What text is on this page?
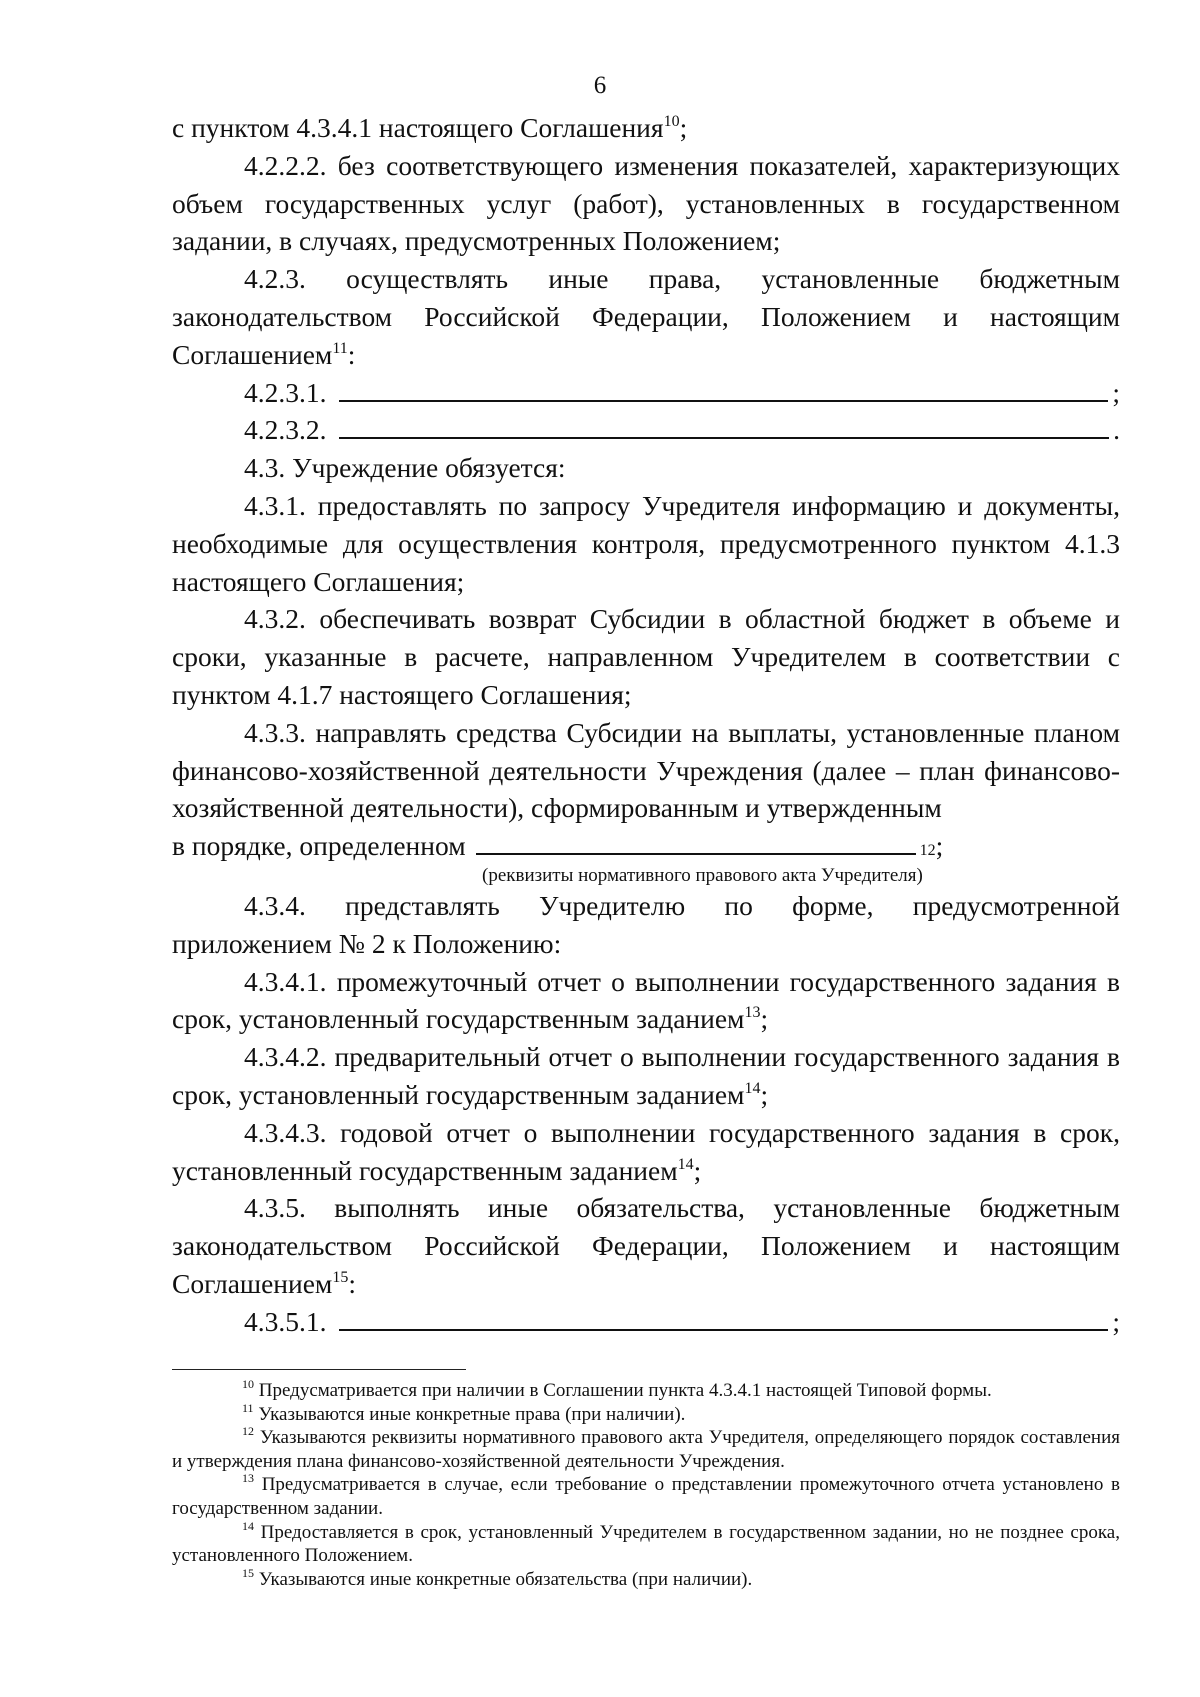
6

с пунктом 4.3.4.1 настоящего Соглашения$^{10}$;

4.2.2.2. без соответствующего изменения показателей, характеризующих объем государственных услуг (работ), установленных в государственном задании, в случаях, предусмотренных Положением;

4.2.3. осуществлять иные права, установленные бюджетным законодательством Российской Федерации, Положением и настоящим Соглашением$^{11}$:

4.2.3.1.	;
4.2.3.2.	.

4.3. Учреждение обязуется:

4.3.1. предоставлять по запросу Учредителя информацию и документы, необходимые для осуществления контроля, предусмотренного пунктом 4.1.3 настоящего Соглашения;

4.3.2. обеспечивать возврат Субсидии в областной бюджет в объеме и сроки, указанные в расчете, направленном Учредителем в соответствии с пунктом 4.1.7 настоящего Соглашения;

4.3.3. направлять средства Субсидии на выплаты, установленные планом финансово-хозяйственной деятельности Учреждения (далее – план финансово-хозяйственной деятельности), сформированным и утвержденным

в порядке, определенном	12 ;

(реквизиты нормативного правового акта Учредителя)

4.3.4. представлять Учредителю по форме, предусмотренной приложением № 2 к Положению:

4.3.4.1. промежуточный отчет о выполнении государственного задания в срок, установленный государственным заданием$^{13}$;

4.3.4.2. предварительный отчет о выполнении государственного задания в срок, установленный государственным заданием$^{14}$;

4.3.4.3. годовой отчет о выполнении государственного задания в срок, установленный государственным заданием$^{14}$;

4.3.5. выполнять иные обязательства, установленные бюджетным законодательством Российской Федерации, Положением и настоящим Соглашением$^{15}$:

4.3.5.1.	;

$^{10}$ Предусматривается при наличии в Соглашении пункта 4.3.4.1 настоящей Типовой формы.

$^{11}$ Указываются иные конкретные права (при наличии).

$^{12}$ Указываются реквизиты нормативного правового акта Учредителя, определяющего порядок составления и утверждения плана финансово-хозяйственной деятельности Учреждения.

$^{13}$ Предусматривается в случае, если требование о представлении промежуточного отчета установлено в государственном задании.

$^{14}$ Предоставляется в срок, установленный Учредителем в государственном задании, но не позднее срока, установленного Положением.

$^{15}$ Указываются иные конкретные обязательства (при наличии).
